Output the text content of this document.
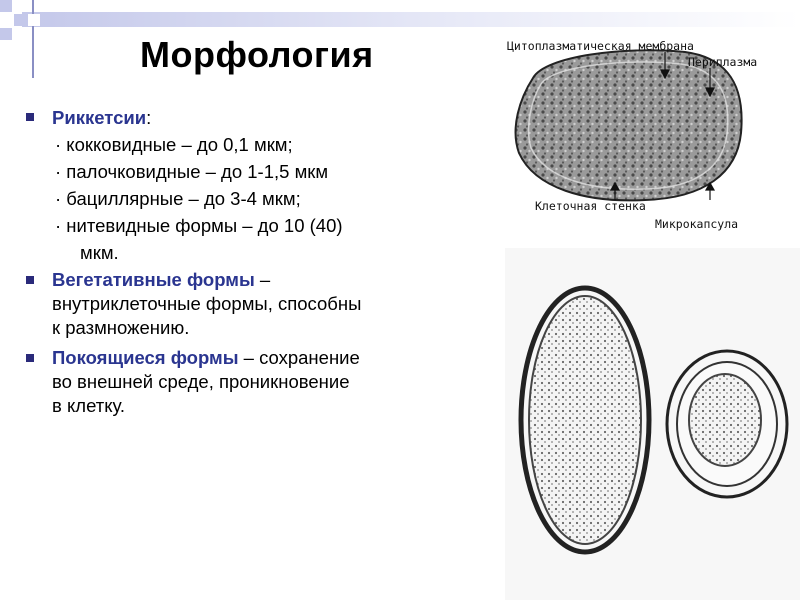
Морфология
Риккетсии:
· кокковидные – до 0,1 мкм;
· палочковидные – до 1-1,5 мкм
· бациллярные – до 3-4 мкм;
· нитевидные формы – до 10 (40)
мкм.
Вегетативные формы –
внутриклеточные формы, способны
к размножению.
Покоящиеся формы – сохранение
во внешней среде, проникновение
в клетку.
Цитоплазматическая мембрана
Периплазма
Клеточная стенка
Микрокапсула
